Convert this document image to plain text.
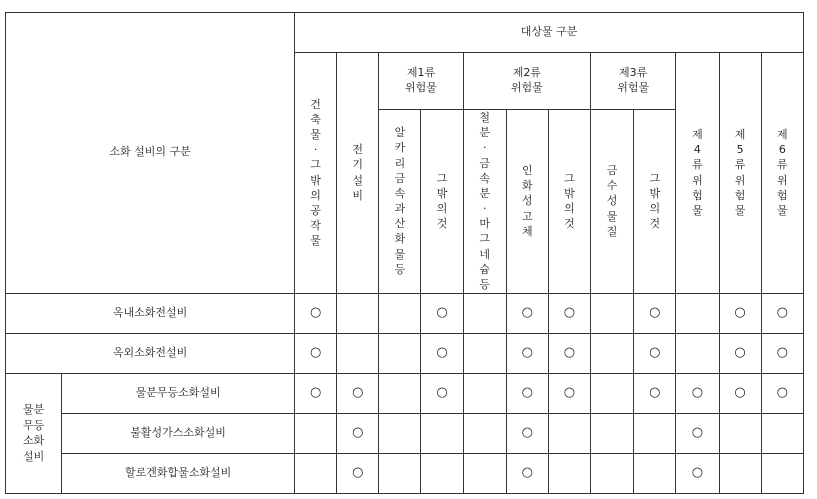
소화 설비의 구분		대상물 구분											
		건축물·그 밖의공작물	전기설비	제1류 위험물		제2류 위험물			제3류 위험물		제4류위험물	제5류위험물	제6류위험물
				알카리금속과산화물등	그밖의것	철분·금속분·마그네슘등	인화성고체	그밖의것	금수성물질	그밖의것			

옥내소화전설비		○			○		○	○		○		○	○
옥외소화전설비		○			○		○	○		○		○	○

물분무등소화설비	물분무등소화설비	○	○		○		○	○		○	○	○	○
	불활성가스소화설비		○				○				○		
	할로겐화합물소화설비		○				○				○		
